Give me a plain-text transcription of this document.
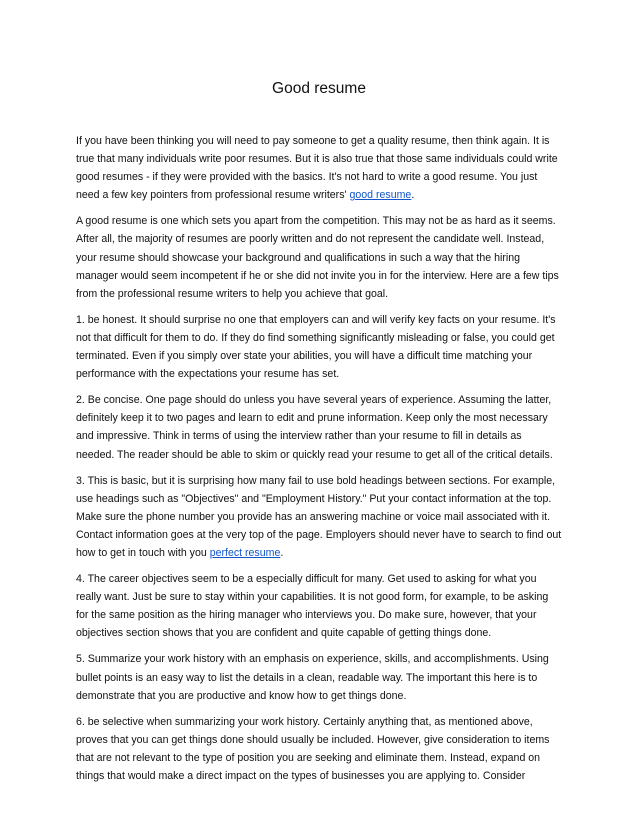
Good resume

If you have been thinking you will need to pay someone to get a quality resume, then think again. It is true that many individuals write poor resumes. But it is also true that those same individuals could write good resumes - if they were provided with the basics. It's not hard to write a good resume. You just need a few key pointers from professional resume writers' good resume.

A good resume is one which sets you apart from the competition. This may not be as hard as it seems. After all, the majority of resumes are poorly written and do not represent the candidate well. Instead, your resume should showcase your background and qualifications in such a way that the hiring manager would seem incompetent if he or she did not invite you in for the interview. Here are a few tips from the professional resume writers to help you achieve that goal.

1. be honest. It should surprise no one that employers can and will verify key facts on your resume. It's not that difficult for them to do. If they do find something significantly misleading or false, you could get terminated. Even if you simply over state your abilities, you will have a difficult time matching your performance with the expectations your resume has set.

2. Be concise. One page should do unless you have several years of experience. Assuming the latter, definitely keep it to two pages and learn to edit and prune information. Keep only the most necessary and impressive. Think in terms of using the interview rather than your resume to fill in details as needed. The reader should be able to skim or quickly read your resume to get all of the critical details.

3. This is basic, but it is surprising how many fail to use bold headings between sections. For example, use headings such as "Objectives" and "Employment History." Put your contact information at the top. Make sure the phone number you provide has an answering machine or voice mail associated with it. Contact information goes at the very top of the page. Employers should never have to search to find out how to get in touch with you perfect resume.

4. The career objectives seem to be a especially difficult for many. Get used to asking for what you really want. Just be sure to stay within your capabilities. It is not good form, for example, to be asking for the same position as the hiring manager who interviews you. Do make sure, however, that your objectives section shows that you are confident and quite capable of getting things done.

5. Summarize your work history with an emphasis on experience, skills, and accomplishments. Using bullet points is an easy way to list the details in a clean, readable way. The important this here is to demonstrate that you are productive and know how to get things done.

6. be selective when summarizing your work history. Certainly anything that, as mentioned above, proves that you can get things done should usually be included. However, give consideration to items that are not relevant to the type of position you are seeking and eliminate them. Instead, expand on things that would make a direct impact on the types of businesses you are applying to. Consider
